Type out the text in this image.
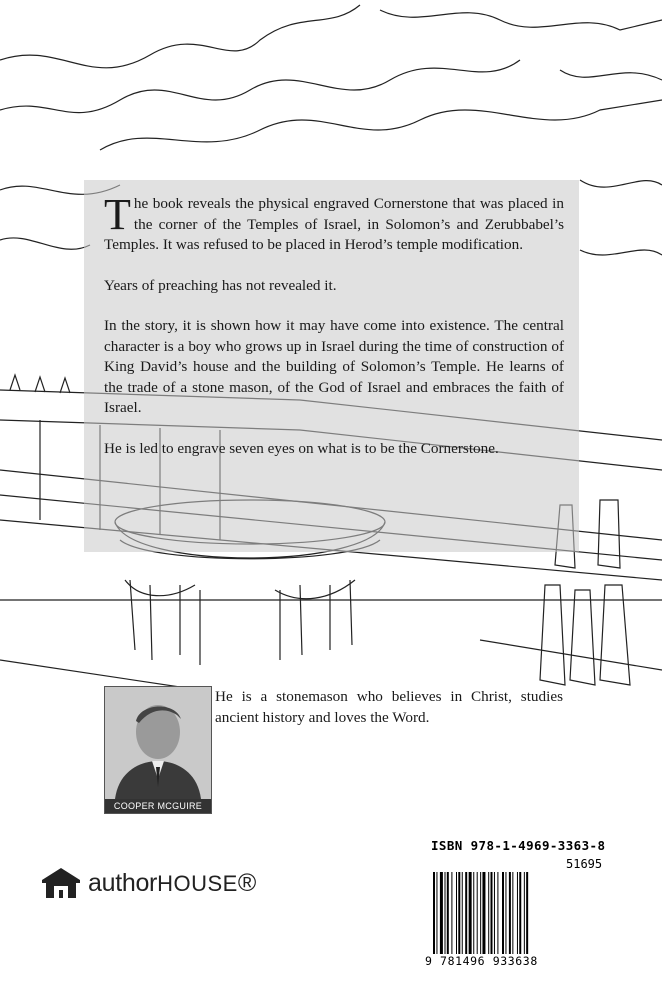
The book reveals the physical engraved Cornerstone that was placed in the corner of the Temples of Israel, in Solomon’s and Zerubbabel’s Temples. It was refused to be placed in Herod’s temple modification.

Years of preaching has not revealed it.

In the story, it is shown how it may have come into existence. The central character is a boy who grows up in Israel during the time of construction of King David’s house and the building of Solomon’s Temple. He learns of the trade of a stone mason, of the God of Israel and embraces the faith of Israel.

He is led to engrave seven eyes on what is to be the Cornerstone.

COOPER MCGUIRE
He is a stonemason who believes in Christ, studies ancient history and loves the Word.
authorHOUSE®
ISBN 978-1-4969-3363-8
51695
9 781496 933638
